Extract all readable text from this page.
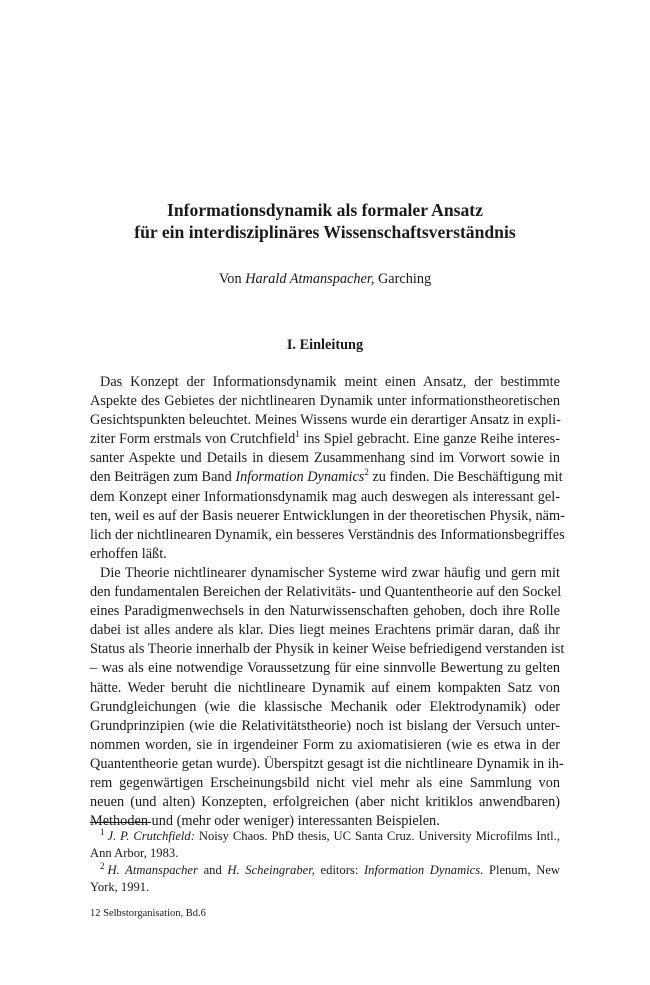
Informationsdynamik als formaler Ansatz
für ein interdisziplinäres Wissenschaftsverständnis
Von Harald Atmanspacher, Garching
I. Einleitung
Das Konzept der Informationsdynamik meint einen Ansatz, der bestimmte
Aspekte des Gebietes der nichtlinearen Dynamik unter informationstheoretischen
Gesichtspunkten beleuchtet. Meines Wissens wurde ein derartiger Ansatz in expli-
ziter Form erstmals von Crutchfield$^1$ ins Spiel gebracht. Eine ganze Reihe interes-
santer Aspekte und Details in diesem Zusammenhang sind im Vorwort sowie in
den Beiträgen zum Band Information Dynamics$^2$ zu finden. Die Beschäftigung mit
dem Konzept einer Informationsdynamik mag auch deswegen als interessant gel-
ten, weil es auf der Basis neuerer Entwicklungen in der theoretischen Physik, näm-
lich der nichtlinearen Dynamik, ein besseres Verständnis des Informationsbegriffes
erhoffen läßt.
Die Theorie nichtlinearer dynamischer Systeme wird zwar häufig und gern mit
den fundamentalen Bereichen der Relativitäts- und Quantentheorie auf den Sockel
eines Paradigmenwechsels in den Naturwissenschaften gehoben, doch ihre Rolle
dabei ist alles andere als klar. Dies liegt meines Erachtens primär daran, daß ihr
Status als Theorie innerhalb der Physik in keiner Weise befriedigend verstanden ist
– was als eine notwendige Voraussetzung für eine sinnvolle Bewertung zu gelten
hätte. Weder beruht die nichtlineare Dynamik auf einem kompakten Satz von
Grundgleichungen (wie die klassische Mechanik oder Elektrodynamik) oder
Grundprinzipien (wie die Relativitätstheorie) noch ist bislang der Versuch unter-
nommen worden, sie in irgendeiner Form zu axiomatisieren (wie es etwa in der
Quantentheorie getan wurde). Überspitzt gesagt ist die nichtlineare Dynamik in ih-
rem gegenwärtigen Erscheinungsbild nicht viel mehr als eine Sammlung von
neuen (und alten) Konzepten, erfolgreichen (aber nicht kritiklos anwendbaren)
Methoden und (mehr oder weniger) interessanten Beispielen.
$^1$ J. P. Crutchfield: Noisy Chaos. PhD thesis, UC Santa Cruz. University Microfilms Intl.,
Ann Arbor, 1983.
$^2$ H. Atmanspacher and H. Scheingraber, editors: Information Dynamics. Plenum, New
York, 1991.
12 Selbstorganisation, Bd.6
